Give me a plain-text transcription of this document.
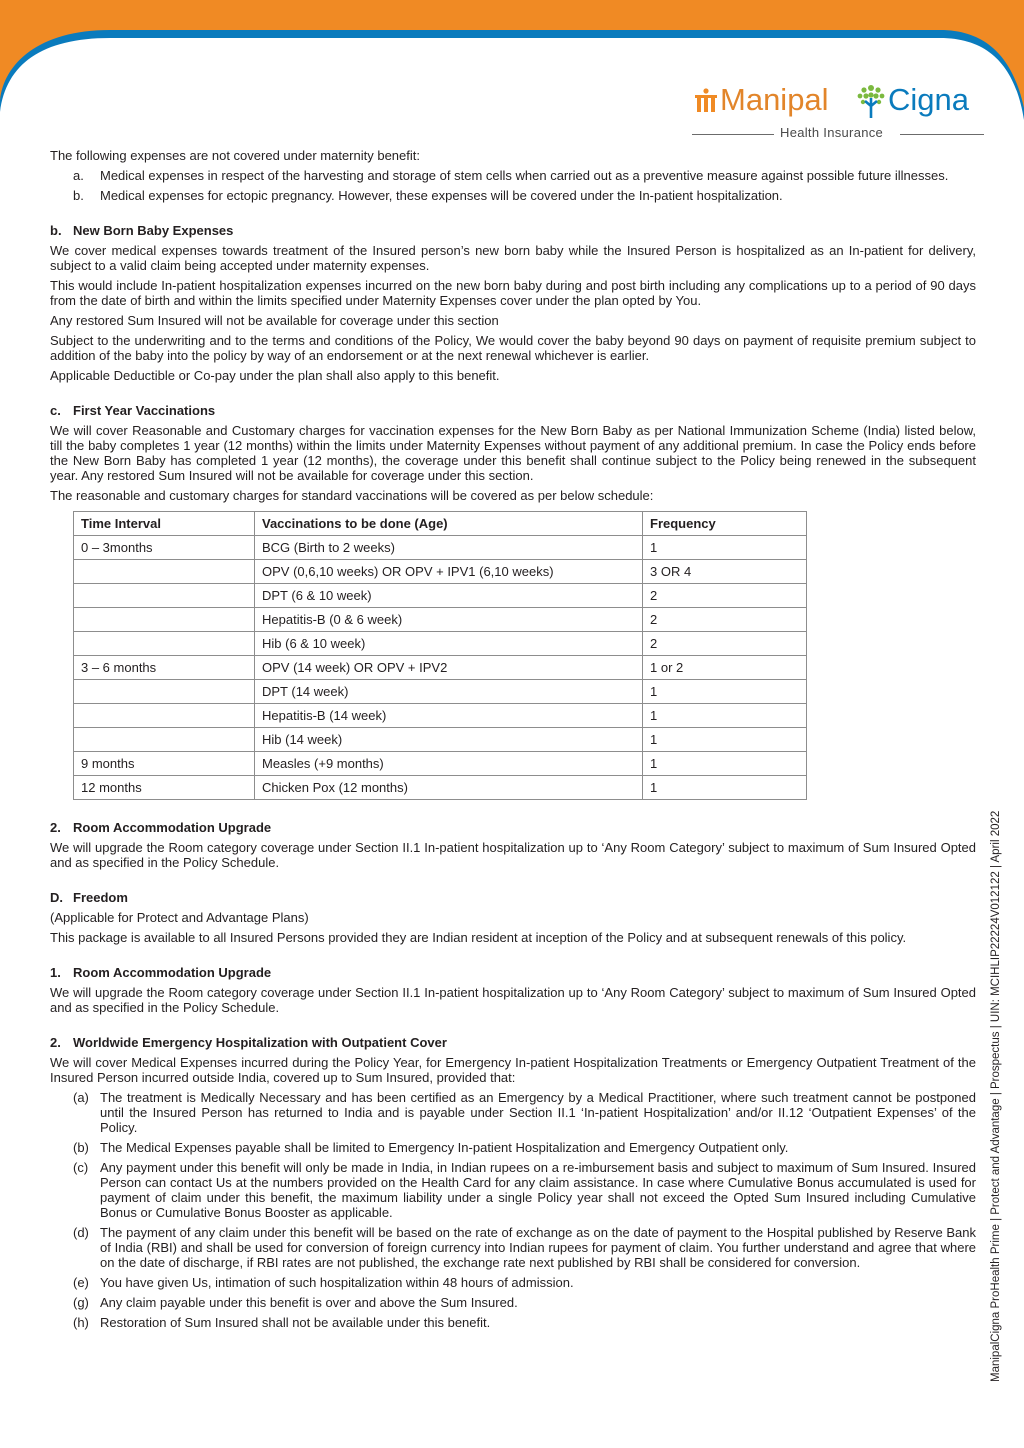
Manipal Cigna
Health Insurance
ManipalCigna ProHealth Prime | Protect and Advantage | Prospectus | UIN: MCIHLIP22224V012122 | April 2022

The following expenses are not covered under maternity benefit:

a.	Medical expenses in respect of the harvesting and storage of stem cells when carried out as a preventive measure against possible future illnesses.
b.	Medical expenses for ectopic pregnancy. However, these expenses will be covered under the In-patient hospitalization.
b. New Born Baby Expenses

We cover medical expenses towards treatment of the Insured person’s new born baby while the Insured Person is hospitalized as an In-patient for delivery, subject to a valid claim being accepted under maternity expenses.

This would include In-patient hospitalization expenses incurred on the new born baby during and post birth including any complications up to a period of 90 days from the date of birth and within the limits specified under Maternity Expenses cover under the plan opted by You.

Any restored Sum Insured will not be available for coverage under this section

Subject to the underwriting and to the terms and conditions of the Policy, We would cover the baby beyond 90 days on payment of requisite premium subject to addition of the baby into the policy by way of an endorsement or at the next renewal whichever is earlier.

Applicable Deductible or Co-pay under the plan shall also apply to this benefit.

c. First Year Vaccinations

We will cover Reasonable and Customary charges for vaccination expenses for the New Born Baby as per National Immunization Scheme (India) listed below, till the baby completes 1 year (12 months) within the limits under Maternity Expenses without payment of any additional premium. In case the Policy ends before the New Born Baby has completed 1 year (12 months), the coverage under this benefit shall continue subject to the Policy being renewed in the subsequent year. Any restored Sum Insured will not be available for coverage under this section.

The reasonable and customary charges for standard vaccinations will be covered as per below schedule:

Time Interval	Vaccinations to be done (Age)	Frequency
0 – 3months	BCG (Birth to 2 weeks)	1
	OPV (0,6,10 weeks) OR OPV + IPV1 (6,10 weeks)	3 OR 4
	DPT (6 & 10 week)	2
	Hepatitis-B (0 & 6 week)	2
	Hib (6 & 10 week)	2
3 – 6 months	OPV (14 week) OR OPV + IPV2	1 or 2
	DPT (14 week)	1
	Hepatitis-B (14 week)	1
	Hib (14 week)	1
9 months	Measles (+9 months)	1
12 months	Chicken Pox (12 months)	1
2. Room Accommodation Upgrade

We will upgrade the Room category coverage under Section II.1 In-patient hospitalization up to ‘Any Room Category’ subject to maximum of Sum Insured Opted and as specified in the Policy Schedule.

D. Freedom

(Applicable for Protect and Advantage Plans)

This package is available to all Insured Persons provided they are Indian resident at inception of the Policy and at subsequent renewals of this policy.

1. Room Accommodation Upgrade

We will upgrade the Room category coverage under Section II.1 In-patient hospitalization up to ‘Any Room Category’ subject to maximum of Sum Insured Opted and as specified in the Policy Schedule.

2. Worldwide Emergency Hospitalization with Outpatient Cover

We will cover Medical Expenses incurred during the Policy Year, for Emergency In-patient Hospitalization Treatments or Emergency Outpatient Treatment of the Insured Person incurred outside India, covered up to Sum Insured, provided that:

(a) The treatment is Medically Necessary and has been certified as an Emergency by a Medical Practitioner, where such treatment cannot be postponed until the Insured Person has returned to India and is payable under Section II.1 ‘In-patient Hospitalization’ and/or II.12 ‘Outpatient Expenses’ of the Policy.
(b) The Medical Expenses payable shall be limited to Emergency In-patient Hospitalization and Emergency Outpatient only.
(c) Any payment under this benefit will only be made in India, in Indian rupees on a re-imbursement basis and subject to maximum of Sum Insured. Insured Person can contact Us at the numbers provided on the Health Card for any claim assistance. In case where Cumulative Bonus accumulated is used for payment of claim under this benefit, the maximum liability under a single Policy year shall not exceed the Opted Sum Insured including Cumulative Bonus or Cumulative Bonus Booster as applicable.
(d) The payment of any claim under this benefit will be based on the rate of exchange as on the date of payment to the Hospital published by Reserve Bank of India (RBI) and shall be used for conversion of foreign currency into Indian rupees for payment of claim. You further understand and agree that where on the date of discharge, if RBI rates are not published, the exchange rate next published by RBI shall be considered for conversion.
(e) You have given Us, intimation of such hospitalization within 48 hours of admission.
(g) Any claim payable under this benefit is over and above the Sum Insured.
(h) Restoration of Sum Insured shall not be available under this benefit.
